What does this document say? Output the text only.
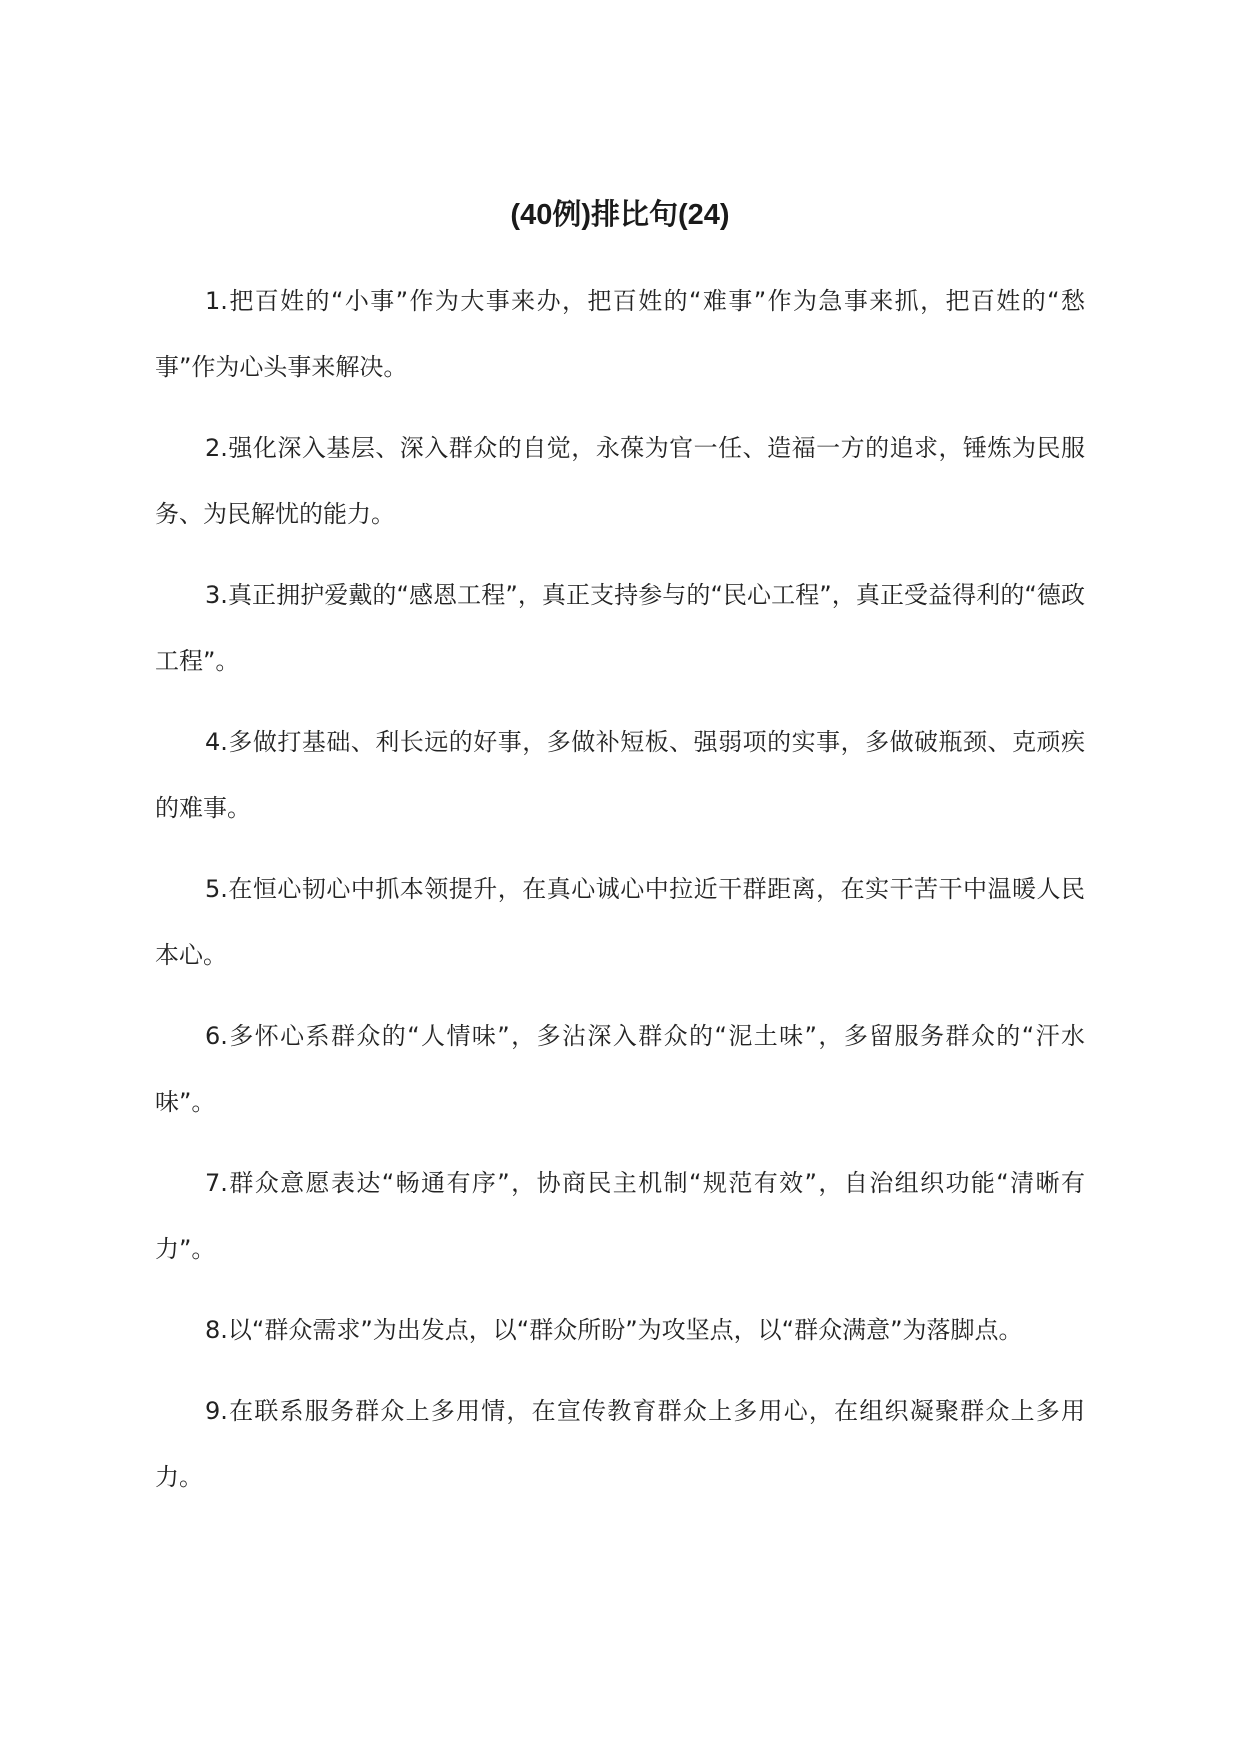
(40例)排比句(24)

1.把百姓的“小事”作为大事来办，把百姓的“难事”作为急事来抓，把百姓的“愁事”作为心头事来解决。

2.强化深入基层、深入群众的自觉，永葆为官一任、造福一方的追求，锤炼为民服务、为民解忧的能力。

3.真正拥护爱戴的“感恩工程”，真正支持参与的“民心工程”，真正受益得利的“德政工程”。

4.多做打基础、利长远的好事，多做补短板、强弱项的实事，多做破瓶颈、克顽疾的难事。

5.在恒心韧心中抓本领提升，在真心诚心中拉近干群距离，在实干苦干中温暖人民本心。

6.多怀心系群众的“人情味”，多沾深入群众的“泥土味”，多留服务群众的“汗水味”。

7.群众意愿表达“畅通有序”，协商民主机制“规范有效”，自治组织功能“清晰有力”。

8.以“群众需求”为出发点，以“群众所盼”为攻坚点，以“群众满意”为落脚点。

9.在联系服务群众上多用情，在宣传教育群众上多用心，在组织凝聚群众上多用力。
